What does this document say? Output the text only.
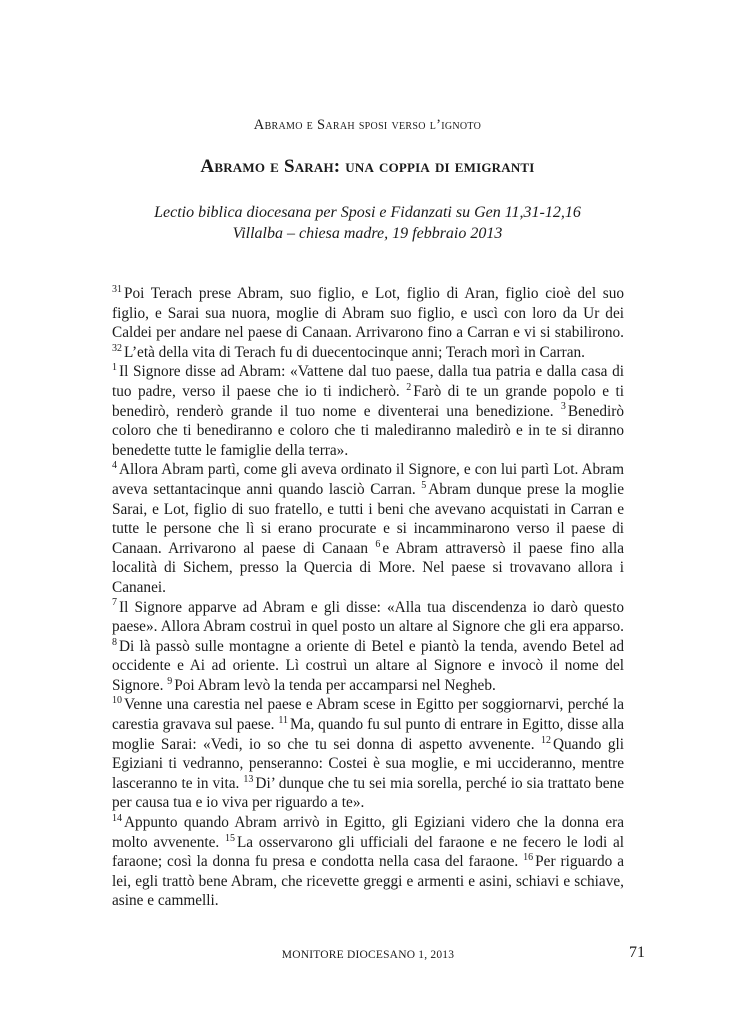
Abramo e Sarah sposi verso l’ignoto
Abramo e Sarah: una coppia di emigranti
Lectio biblica diocesana per Sposi e Fidanzati su Gen 11,31-12,16
Villalba – chiesa madre, 19 febbraio 2013

$^{31}$ Poi Terach prese Abram, suo figlio, e Lot, figlio di Aran, figlio cioè del suo figlio, e Sarai sua nuora, moglie di Abram suo figlio, e uscì con loro da Ur dei Caldei per andare nel paese di Canaan. Arrivarono fino a Carran e vi si stabilirono. $^{32}$ L’età della vita di Terach fu di duecentocinque anni; Terach morì in Carran.

$^1$ Il Signore disse ad Abram: «Vattene dal tuo paese, dalla tua patria e dalla casa di tuo padre, verso il paese che io ti indicherò. $^2$ Farò di te un grande popolo e ti benedirò, renderò grande il tuo nome e diventerai una benedizione. $^3$ Benedirò coloro che ti benediranno e coloro che ti malediranno maledirò e in te si diranno benedette tutte le famiglie della terra».

$^4$ Allora Abram partì, come gli aveva ordinato il Signore, e con lui partì Lot. Abram aveva settantacinque anni quando lasciò Carran. $^5$ Abram dunque prese la moglie Sarai, e Lot, figlio di suo fratello, e tutti i beni che avevano acquistati in Carran e tutte le persone che lì si erano procurate e si incamminarono verso il paese di Canaan. Arrivarono al paese di Canaan $^6$ e Abram attraversò il paese fino alla località di Sichem, presso la Quercia di More. Nel paese si trovavano allora i Cananei.

$^7$ Il Signore apparve ad Abram e gli disse: «Alla tua discendenza io darò questo paese». Allora Abram costruì in quel posto un altare al Signore che gli era apparso. $^8$ Di là passò sulle montagne a oriente di Betel e piantò la tenda, avendo Betel ad occidente e Ai ad oriente. Lì costruì un altare al Signore e invocò il nome del Signore. $^9$ Poi Abram levò la tenda per accamparsi nel Negheb.

$^{10}$ Venne una carestia nel paese e Abram scese in Egitto per soggiornarvi, perché la carestia gravava sul paese. $^{11}$ Ma, quando fu sul punto di entrare in Egitto, disse alla moglie Sarai: «Vedi, io so che tu sei donna di aspetto avvenente. $^{12}$ Quando gli Egiziani ti vedranno, penseranno: Costei è sua moglie, e mi uccideranno, mentre lasceranno te in vita. $^{13}$ Di’ dunque che tu sei mia sorella, perché io sia trattato bene per causa tua e io viva per riguardo a te».

$^{14}$ Appunto quando Abram arrivò in Egitto, gli Egiziani videro che la donna era molto avvenente. $^{15}$ La osservarono gli ufficiali del faraone e ne fecero le lodi al faraone; così la donna fu presa e condotta nella casa del faraone. $^{16}$ Per riguardo a lei, egli trattò bene Abram, che ricevette greggi e armenti e asini, schiavi e schiave, asine e cammelli.

MONITORE DIOCESANO 1, 2013	71
